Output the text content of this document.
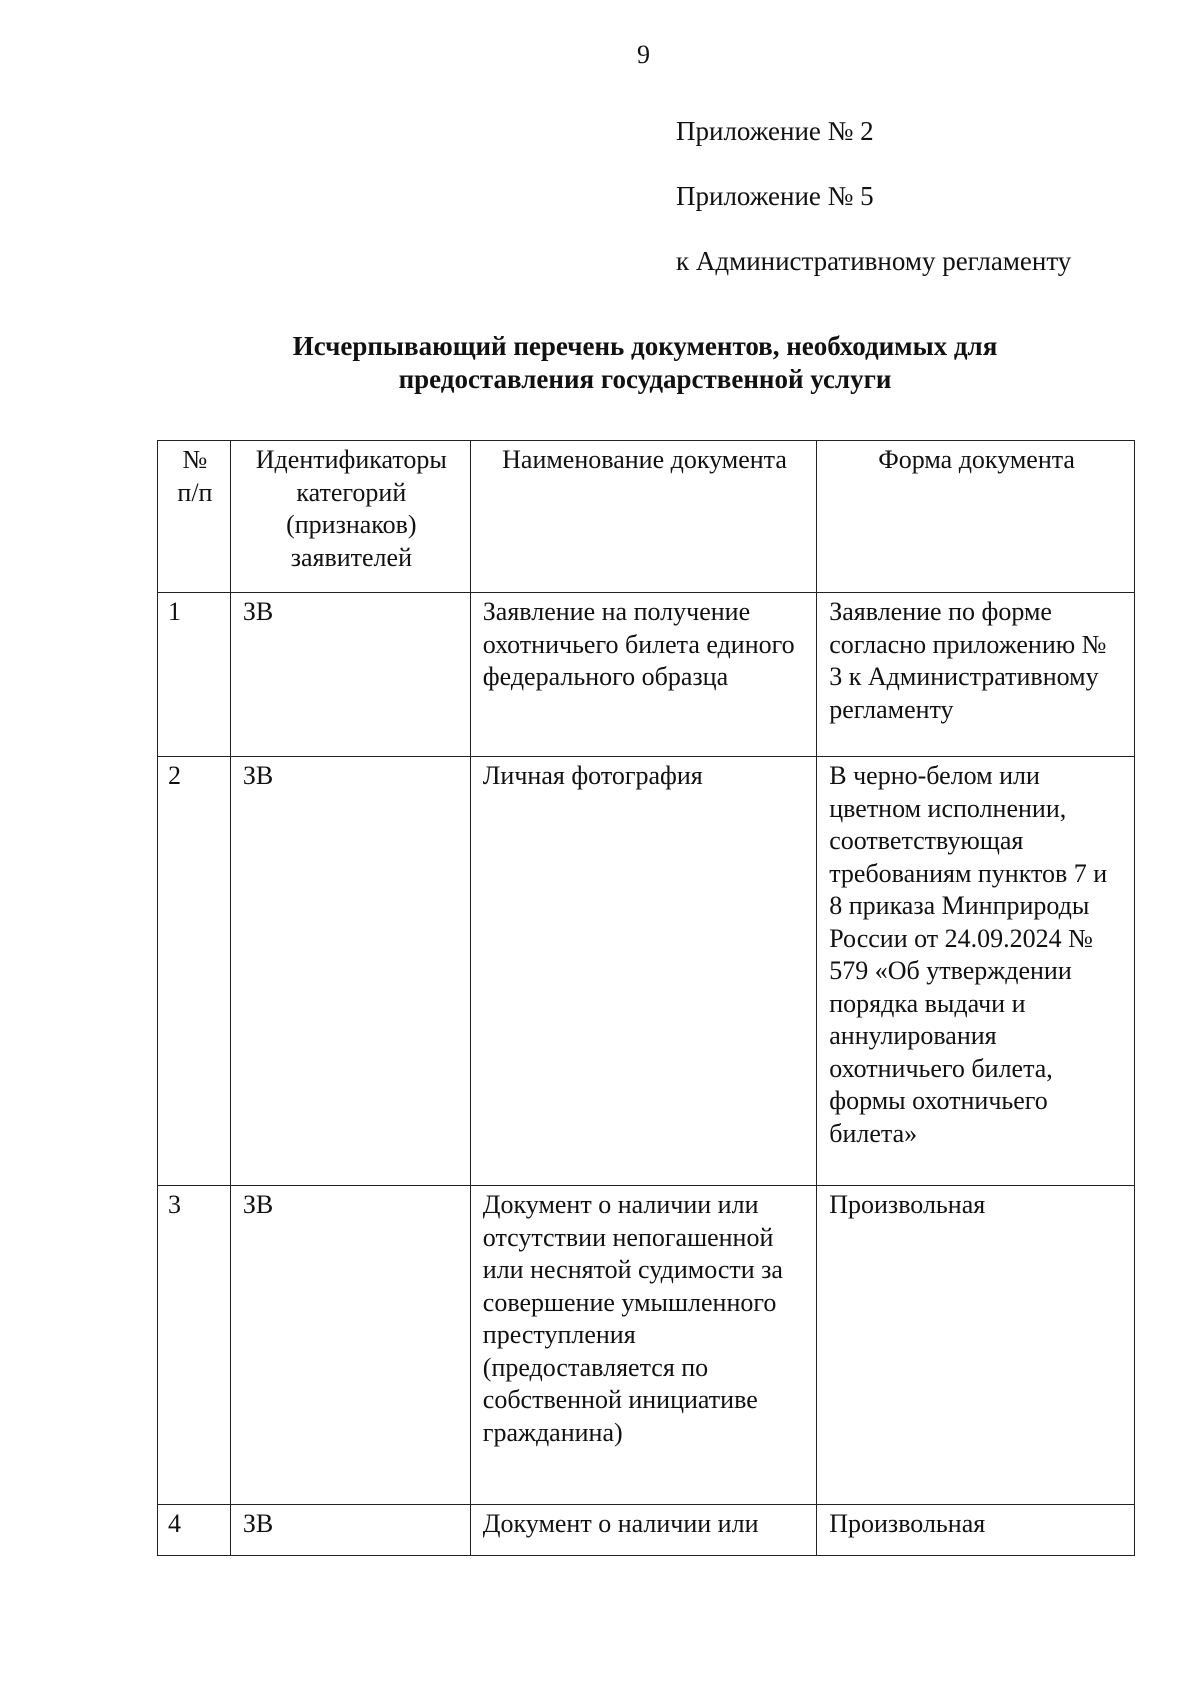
9
Приложение № 2
Приложение № 5
к Административному регламенту
Исчерпывающий перечень документов, необходимых для
предоставления государственной услуги
№ п/п	Идентификаторы категорий (признаков) заявителей	Наименование документа	Форма документа
1	ЗВ	Заявление на получение охотничьего билета единого федерального образца	Заявление по форме согласно приложению № 3 к Административному регламенту
2	ЗВ	Личная фотография	В черно-белом или цветном исполнении, соответствующая требованиям пунктов 7 и 8 приказа Минприроды России от 24.09.2024 № 579 «Об утверждении порядка выдачи и аннулирования охотничьего билета, формы охотничьего билета»
3	ЗВ	Документ о наличии или отсутствии непогашенной или неснятой судимости за совершение умышленного преступления (предоставляется по собственной инициативе гражданина)	Произвольная
4	ЗВ	Документ о наличии или	Произвольная
